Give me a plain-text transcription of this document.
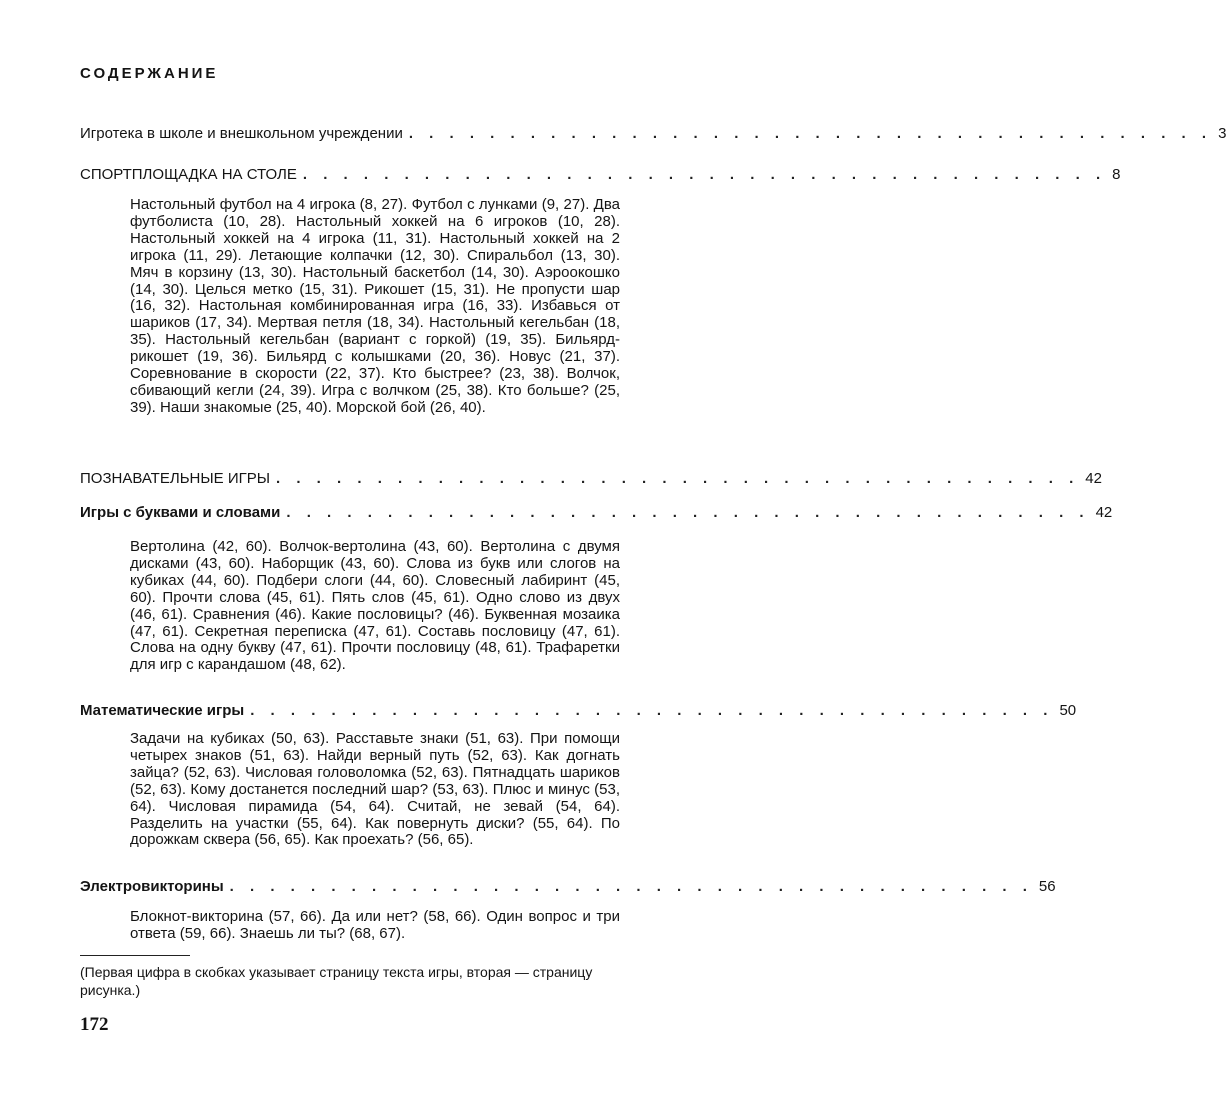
СОДЕРЖАНИЕ
Игротека в школе и внешкольном учреждении . . . . . . . . . . . . . . . . . . . . . . . . . . . . . . . . . . . . . . . . 3
СПОРТПЛОЩАДКА НА СТОЛЕ . . . . . . . . . . . . . . . . . . . . . . . . . . . . . . . . . . . . . . . . 8
Настольный футбол на 4 игрока (8, 27). Футбол с лунками (9, 27). Два футболиста (10, 28). Настольный хоккей на 6 игроков (10, 28). Настольный хоккей на 4 игрока (11, 31). Настольный хоккей на 2 игрока (11, 29). Летающие колпачки (12, 30). Спиральбол (13, 30). Мяч в корзину (13, 30). Настольный баскетбол (14, 30). Аэроокошко (14, 30). Целься метко (15, 31). Рикошет (15, 31). Не пропусти шар (16, 32). Настольная комбинированная игра (16, 33). Избавься от шариков (17, 34). Мертвая петля (18, 34). Настольный кегельбан (18, 35). Настольный кегельбан (вариант с горкой) (19, 35). Бильярд-рикошет (19, 36). Бильярд с колышками (20, 36). Новус (21, 37). Соревнование в скорости (22, 37). Кто быстрее? (23, 38). Волчок, сбивающий кегли (24, 39). Игра с волчком (25, 38). Кто больше? (25, 39). Наши знакомые (25, 40). Морской бой (26, 40).
ПОЗНАВАТЕЛЬНЫЕ ИГРЫ . . . . . . . . . . . . . . . . . . . . . . . . . . . . . . . . . . . . . . . . 42
Игры с буквами и словами . . . . . . . . . . . . . . . . . . . . . . . . . . . . . . . . . . . . . . . . 42
Вертолина (42, 60). Волчок-вертолина (43, 60). Вертолина с двумя дисками (43, 60). Наборщик (43, 60). Слова из букв или слогов на кубиках (44, 60). Подбери слоги (44, 60). Словесный лабиринт (45, 60). Прочти слова (45, 61). Пять слов (45, 61). Одно слово из двух (46, 61). Сравнения (46). Какие пословицы? (46). Буквенная мозаика (47, 61). Секретная переписка (47, 61). Составь пословицу (47, 61). Слова на одну букву (47, 61). Прочти пословицу (48, 61). Трафаретки для игр с карандашом (48, 62).
Математические игры . . . . . . . . . . . . . . . . . . . . . . . . . . . . . . . . . . . . . . . . 50
Задачи на кубиках (50, 63). Расставьте знаки (51, 63). При помощи четырех знаков (51, 63). Найди верный путь (52, 63). Как догнать зайца? (52, 63). Числовая головоломка (52, 63). Пятнадцать шариков (52, 63). Кому достанется последний шар? (53, 63). Плюс и минус (53, 64). Числовая пирамида (54, 64). Считай, не зевай (54, 64). Разделить на участки (55, 64). Как повернуть диски? (55, 64). По дорожкам сквера (56, 65). Как проехать? (56, 65).
Электровикторины . . . . . . . . . . . . . . . . . . . . . . . . . . . . . . . . . . . . . . . . 56
Блокнот-викторина (57, 66). Да или нет? (58, 66). Один вопрос и три ответа (59, 66). Знаешь ли ты? (68, 67).
(Первая цифра в скобках указывает страницу текста игры, вторая — страницу рисунка.)
172
